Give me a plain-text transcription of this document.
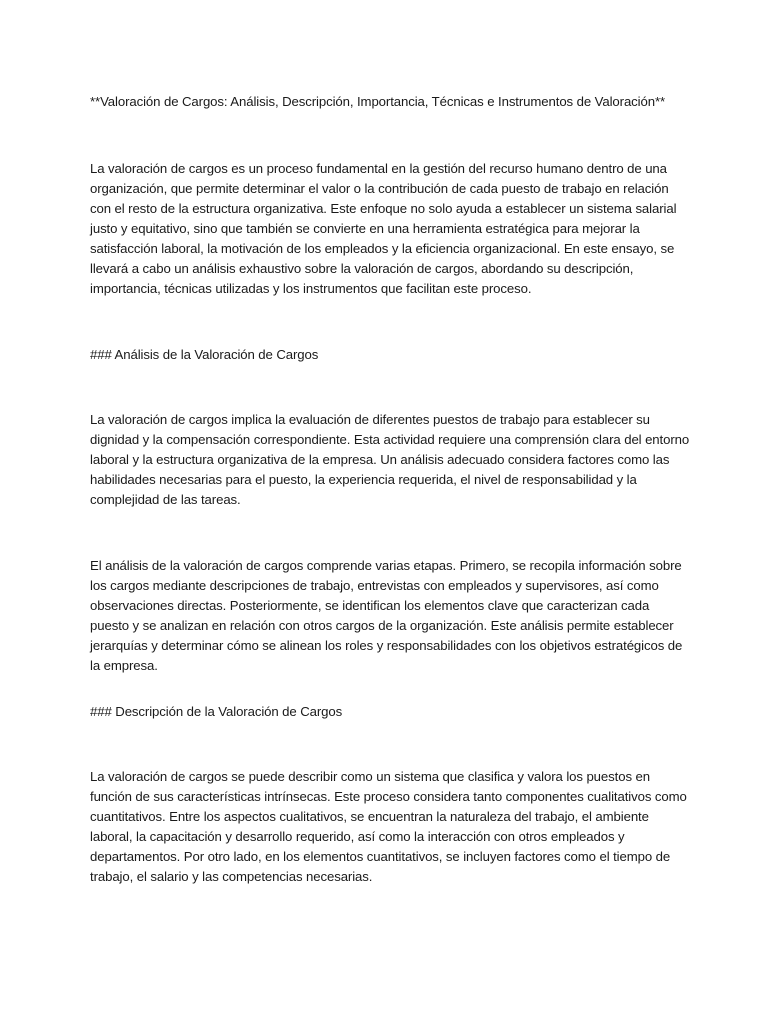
**Valoración de Cargos: Análisis, Descripción, Importancia, Técnicas e Instrumentos de Valoración**

La valoración de cargos es un proceso fundamental en la gestión del recurso humano dentro de una organización, que permite determinar el valor o la contribución de cada puesto de trabajo en relación con el resto de la estructura organizativa. Este enfoque no solo ayuda a establecer un sistema salarial justo y equitativo, sino que también se convierte en una herramienta estratégica para mejorar la satisfacción laboral, la motivación de los empleados y la eficiencia organizacional. En este ensayo, se llevará a cabo un análisis exhaustivo sobre la valoración de cargos, abordando su descripción, importancia, técnicas utilizadas y los instrumentos que facilitan este proceso.

### Análisis de la Valoración de Cargos

La valoración de cargos implica la evaluación de diferentes puestos de trabajo para establecer su dignidad y la compensación correspondiente. Esta actividad requiere una comprensión clara del entorno laboral y la estructura organizativa de la empresa. Un análisis adecuado considera factores como las habilidades necesarias para el puesto, la experiencia requerida, el nivel de responsabilidad y la complejidad de las tareas.

El análisis de la valoración de cargos comprende varias etapas. Primero, se recopila información sobre los cargos mediante descripciones de trabajo, entrevistas con empleados y supervisores, así como observaciones directas. Posteriormente, se identifican los elementos clave que caracterizan cada puesto y se analizan en relación con otros cargos de la organización. Este análisis permite establecer jerarquías y determinar cómo se alinean los roles y responsabilidades con los objetivos estratégicos de la empresa.

### Descripción de la Valoración de Cargos

La valoración de cargos se puede describir como un sistema que clasifica y valora los puestos en función de sus características intrínsecas. Este proceso considera tanto componentes cualitativos como cuantitativos. Entre los aspectos cualitativos, se encuentran la naturaleza del trabajo, el ambiente laboral, la capacitación y desarrollo requerido, así como la interacción con otros empleados y departamentos. Por otro lado, en los elementos cuantitativos, se incluyen factores como el tiempo de trabajo, el salario y las competencias necesarias.
